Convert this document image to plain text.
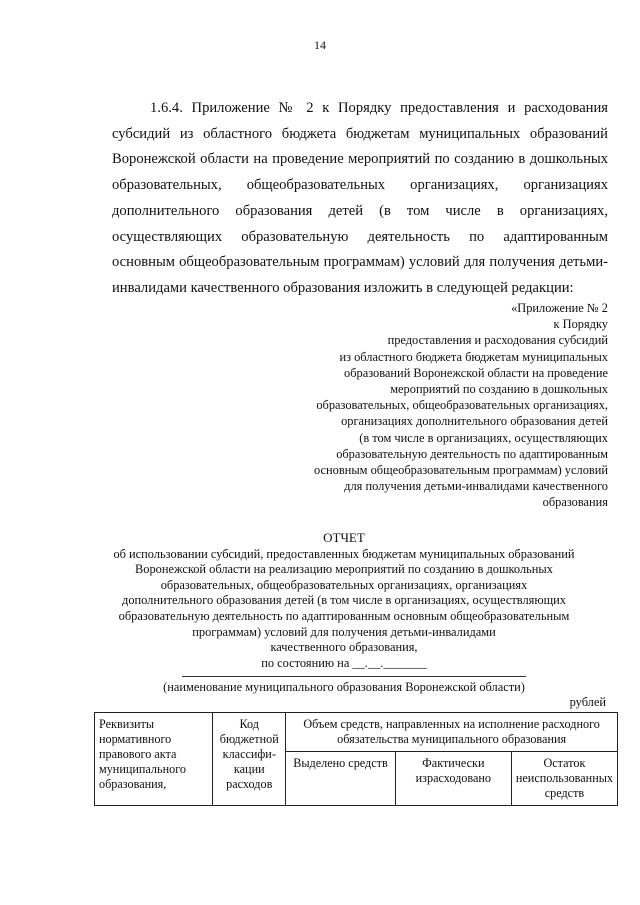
14

1.6.4. Приложение № 2 к Порядку предоставления и расходования субсидий из областного бюджета бюджетам муниципальных образований Воронежской области на проведение мероприятий по созданию в дошкольных образовательных, общеобразовательных организациях, организациях дополнительного образования детей (в том числе в организациях, осуществляющих образовательную деятельность по адаптированным основным общеобразовательным программам) условий для получения детьми-инвалидами качественного образования изложить в следующей редакции:

«Приложение № 2
к Порядку
предоставления и расходования субсидий
из областного бюджета бюджетам муниципальных
образований Воронежской области на проведение
мероприятий по созданию в дошкольных
образовательных, общеобразовательных организациях,
организациях дополнительного образования детей
(в том числе в организациях, осуществляющих
образовательную деятельность по адаптированным
основным общеобразовательным программам) условий
для получения детьми-инвалидами качественного
образования
ОТЧЕТ
об использовании субсидий, предоставленных бюджетам муниципальных образований
Воронежской области на реализацию мероприятий по созданию в дошкольных
образовательных, общеобразовательных организациях, организациях
дополнительного образования детей (в том числе в организациях, осуществляющих
образовательную деятельность по адаптированным основным общеобразовательным
программам) условий для получения детьми-инвалидами
качественного образования,
по состоянию на __.__._______
(наименование муниципального образования Воронежской области)
рублей
Реквизиты нормативного правового акта муниципального образования,	Код бюджетной классифи-кации расходов	Объем средств, направленных на исполнение расходного обязательства муниципального образования		
		Выделено средств	Фактически израсходовано	Остаток неиспользованных средств
